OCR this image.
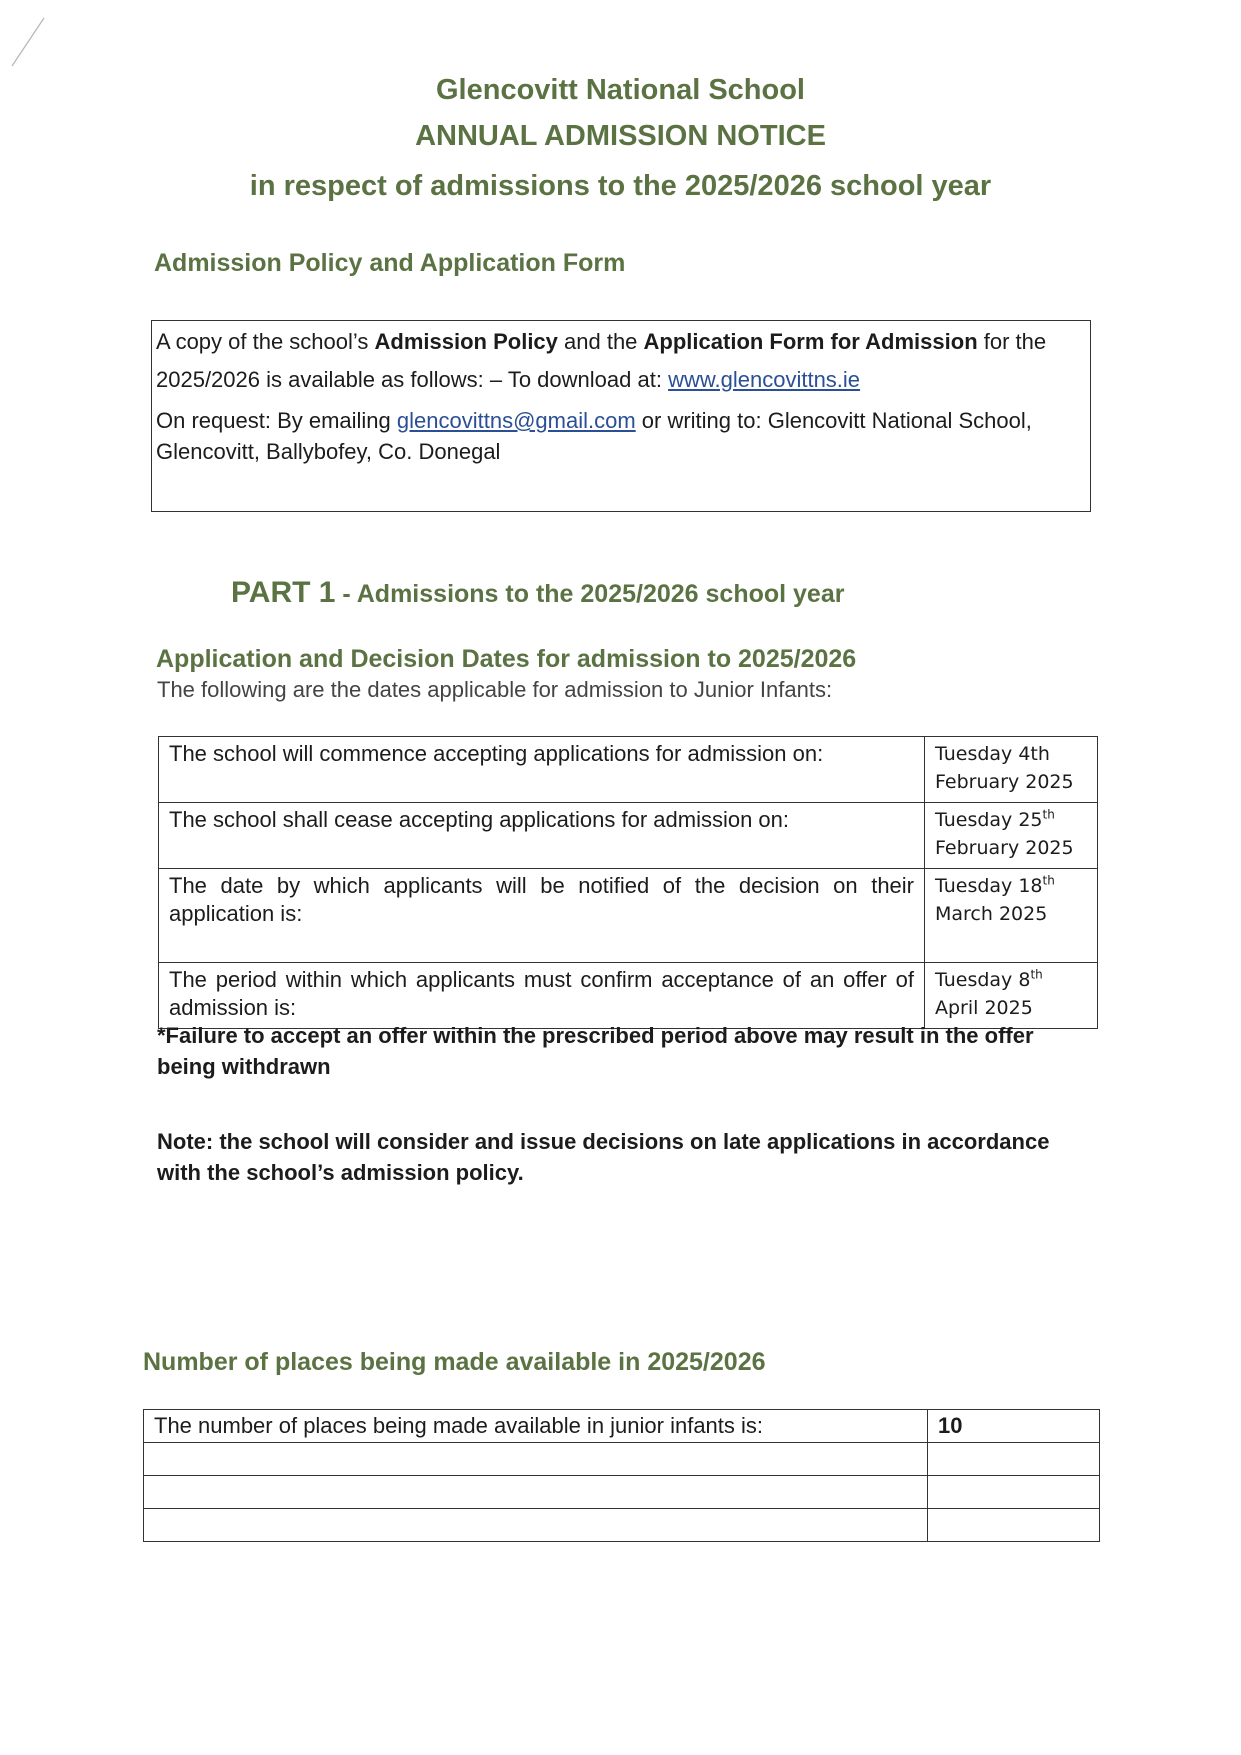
Glencovitt National School
ANNUAL ADMISSION NOTICE
in respect of admissions to the 2025/2026 school year
Admission Policy and Application Form

A copy of the school’s Admission Policy and the Application Form for Admission for the 2025/2026 is available as follows: – To download at: www.glencovittns.ie

On request: By emailing glencovittns@gmail.com or writing to: Glencovitt National School, Glencovitt, Ballybofey, Co. Donegal

PART 1 - Admissions to the 2025/2026 school year
Application and Decision Dates for admission to 2025/2026
The following are the dates applicable for admission to Junior Infants:
The school will commence accepting applications for admission on:	Tuesday 4th
February 2025
The school shall cease accepting applications for admission on:	Tuesday 25th
February 2025
The date by which applicants will be notified of the decision on their application is:	Tuesday 18th
March 2025
The period within which applicants must confirm acceptance of an offer of admission is:	Tuesday 8th
April 2025
*Failure to accept an offer within the prescribed period above may result in the offer being withdrawn
Note: the school will consider and issue decisions on late applications in accordance with the school’s admission policy.
Number of places being made available in 2025/2026
The number of places being made available in junior infants is:	10
